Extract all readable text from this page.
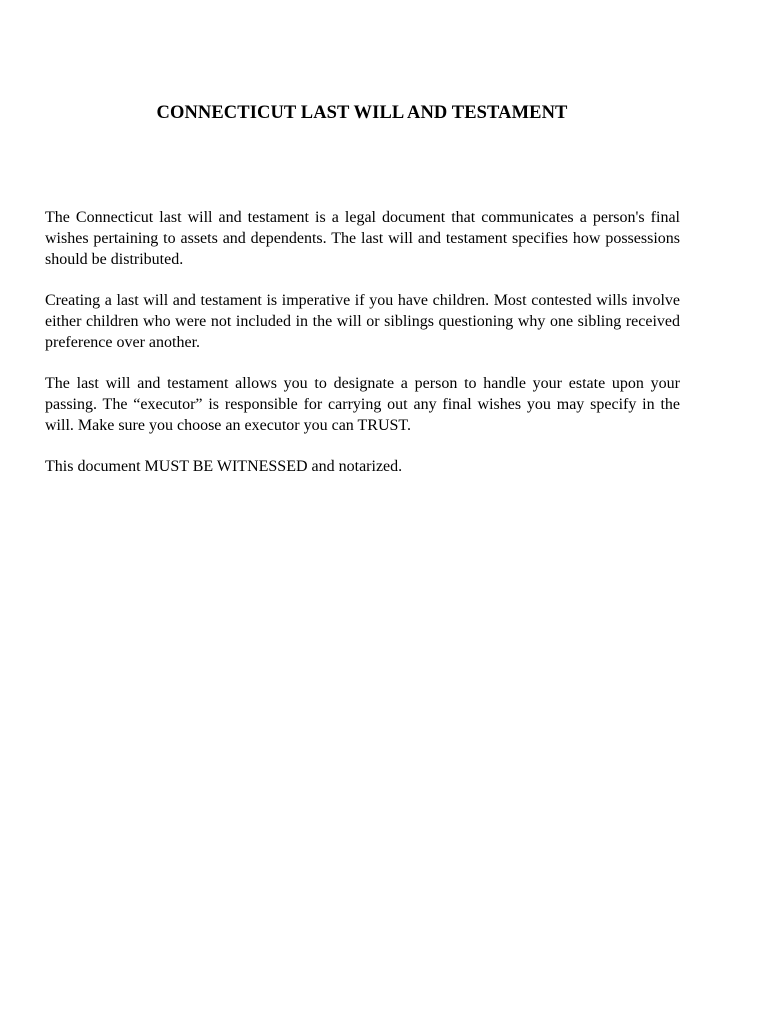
CONNECTICUT LAST WILL AND TESTAMENT

The Connecticut last will and testament is a legal document that communicates a person's final wishes pertaining to assets and dependents. The last will and testament specifies how possessions should be distributed.

Creating a last will and testament is imperative if you have children. Most contested wills involve either children who were not included in the will or siblings questioning why one sibling received preference over another.

The last will and testament allows you to designate a person to handle your estate upon your passing. The “executor” is responsible for carrying out any final wishes you may specify in the will. Make sure you choose an executor you can TRUST.

This document MUST BE WITNESSED and notarized.
